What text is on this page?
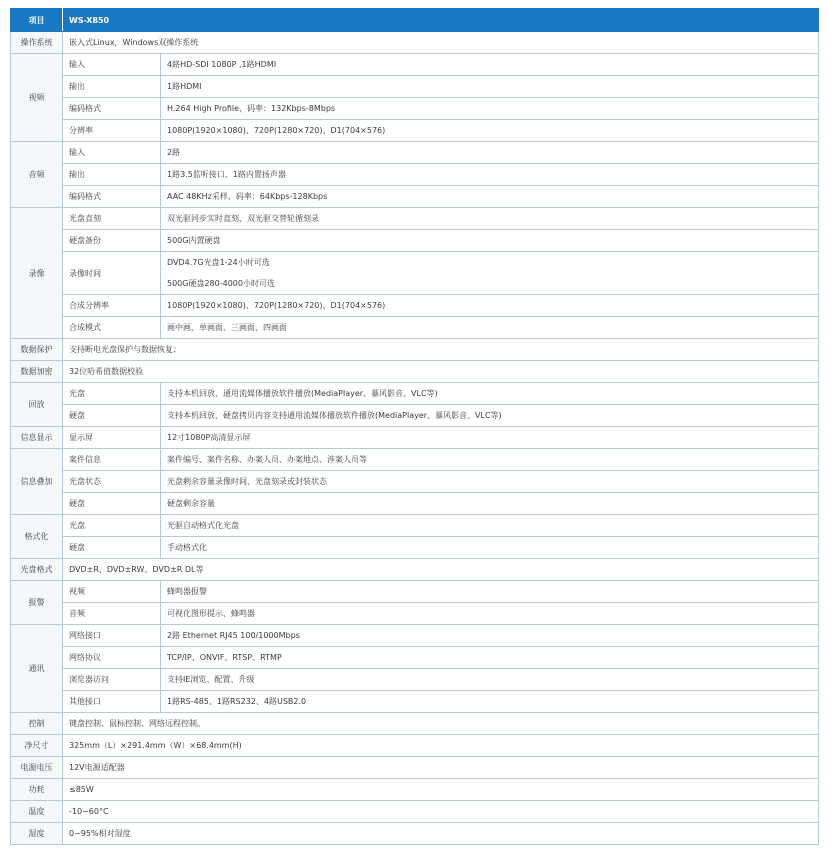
项目	WS-X850	
操作系统	嵌入式Linux，Windows双操作系统	
视频	输入	4路HD-SDI 1080P ,1路HDMI
	输出	1路HDMI
	编码格式	H.264 High Profile，码率：132Kbps-8Mbps
	分辨率	1080P(1920×1080)、720P(1280×720)、D1(704×576)
音频	输入	2路
	输出	1路3.5监听接口、1路内置扬声器
	编码格式	AAC 48KHz采样、码率：64Kbps-128Kbps
录像	光盘直刻	双光驱同步实时直刻、双光驱交替轮循刻录
	硬盘备份	500G内置硬盘
	录像时间	DVD4.7G光盘1-24小时可选
500G硬盘280-4000小时可选

	合成分辨率	1080P(1920×1080)、720P(1280×720)、D1(704×576)
	合成模式	画中画、单画面、三画面、四画面
数据保护	支持断电光盘保护与数据恢复；	
数据加密	32位哈希值数据校验	
回放	光盘	支持本机回放、通用流媒体播放软件播放(MediaPlayer、暴风影音、VLC等)
	硬盘	支持本机回放、硬盘拷贝内容支持通用流媒体播放软件播放(MediaPlayer、暴风影音、VLC等)
信息显示	显示屏	12寸1080P高清显示屏
信息叠加	案件信息	案件编号、案件名称、办案人员、办案地点、涉案人员等
	光盘状态	光盘剩余容量录像时间、光盘刻录或封装状态
	硬盘	硬盘剩余容量
格式化	光盘	光驱自动格式化光盘
	硬盘	手动格式化
光盘格式	DVD±R、DVD±RW、DVD±R DL等	
报警	视频	蜂鸣器报警
	音频	可视化图形提示、蜂鸣器
通讯	网络接口	2路 Ethernet RJ45 100/1000Mbps
	网络协议	TCP/IP、ONVIF、RTSP、RTMP
	浏览器访问	支持IE浏览、配置、升级
	其他接口	1路RS-485、1路RS232、4路USB2.0
控制	键盘控制、鼠标控制、网络远程控制。	
净尺寸	325mm（L）×291.4mm（W）×68.4mm(H)	
电源电压	12V电源适配器	
功耗	≤85W	
温度	-10~60°C	
湿度	0~95%相对湿度	
